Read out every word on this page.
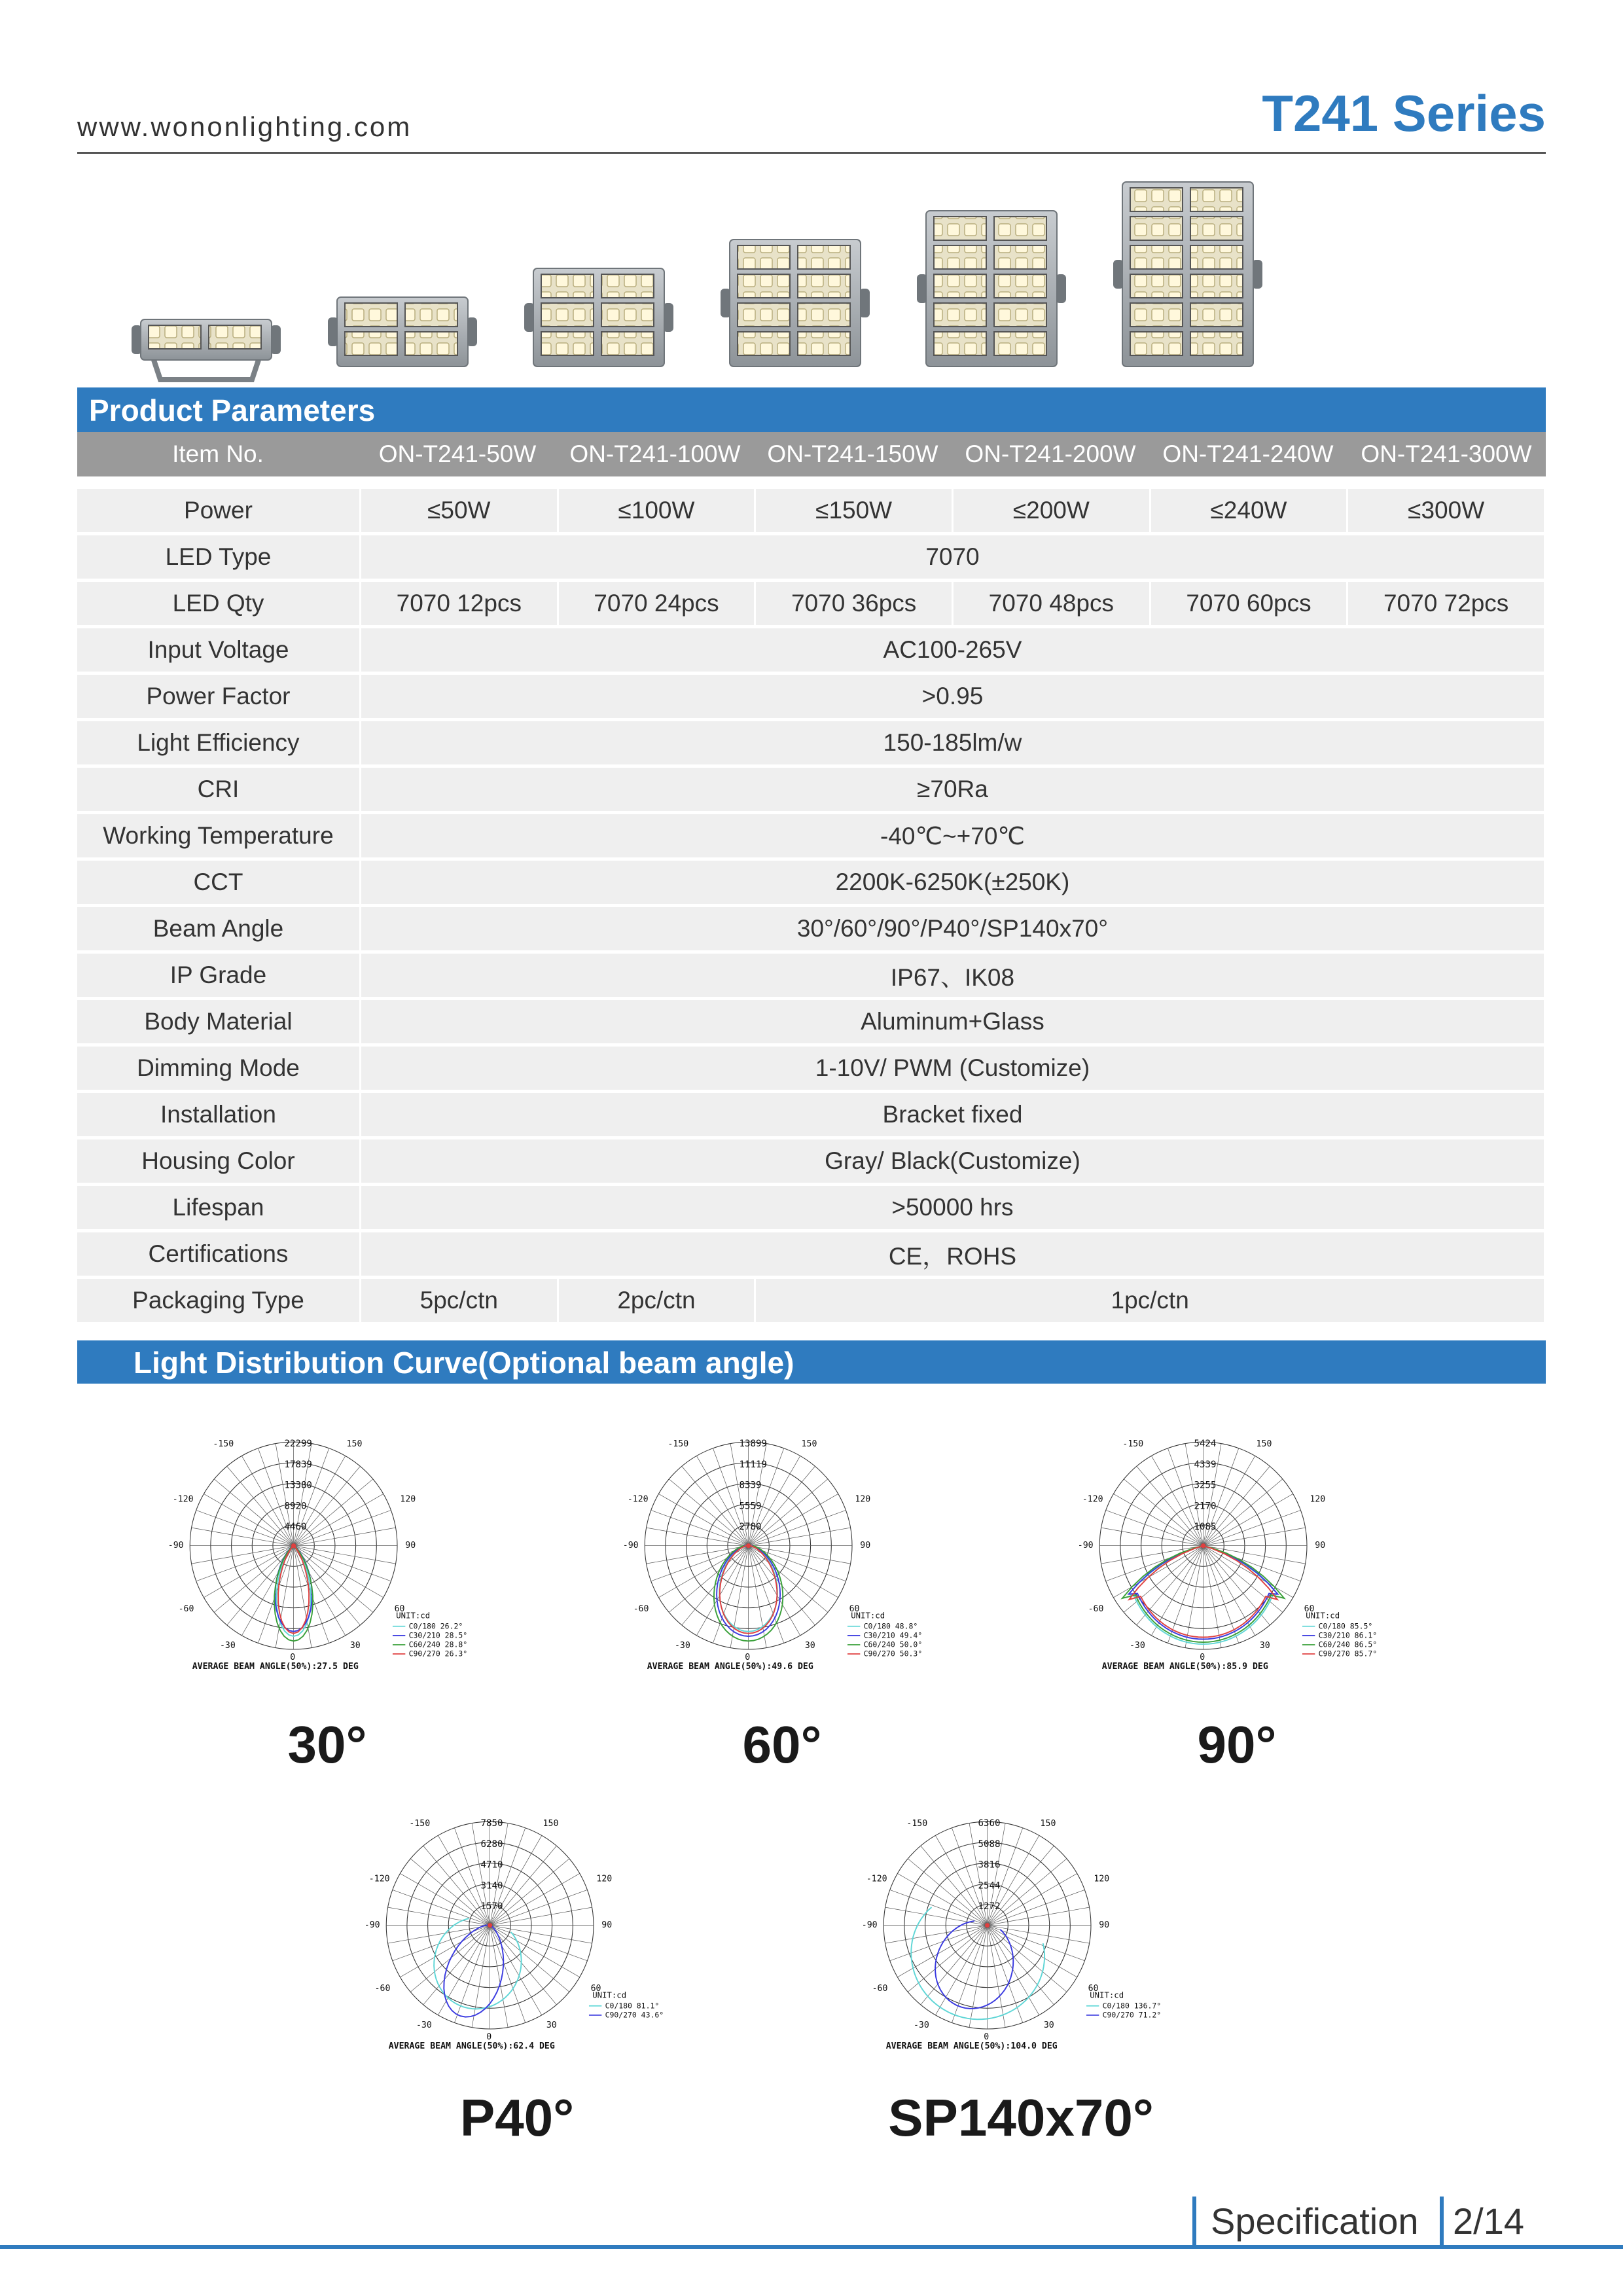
www.wononlighting.com	T241 Series
Product Parameters
Item No.	ON-T241-50W	ON-T241-100W	ON-T241-150W	ON-T241-200W	ON-T241-240W	ON-T241-300W
Power	≤50W	≤100W	≤150W	≤200W	≤240W	≤300W
LED Type	7070					
LED Qty	7070 12pcs	7070 24pcs	7070 36pcs	7070 48pcs	7070 60pcs	7070 72pcs
Input Voltage	AC100-265V					
Power Factor	>0.95					
Light Efficiency	150-185lm/w					
CRI	≥70Ra					
Working Temperature	-40℃~+70℃					
CCT	2200K-6250K(±250K)					
Beam Angle	30°/60°/90°/P40°/SP140x70°					
IP Grade	IP67、IK08					
Body Material	Aluminum+Glass					
Dimming Mode	1-10V/ PWM (Customize)					
Installation	Bracket fixed					
Housing Color	Gray/ Black(Customize)					
Lifespan	>50000 hrs					
Certifications	CE，ROHS					
Packaging Type	5pc/ctn	2pc/ctn	1pc/ctn			
Light Distribution Curve(Optional beam angle)
22299
17839
13380
8920
4460
-150	150
-120	120
-90	90
-60	60
-30	30
0
UNIT:cd
C0/180 26.2°
C30/210 28.5°
C60/240 28.8°
C90/270 26.3°
AVERAGE BEAM ANGLE(50%):27.5 DEG
13899
11119
8339
5559
2780
-150	150
-120	120
-90	90
-60	60
-30	30
0
UNIT:cd
C0/180 48.8°
C30/210 49.4°
C60/240 50.0°
C90/270 50.3°
AVERAGE BEAM ANGLE(50%):49.6 DEG
5424
4339
3255
2170
1085
-150	150
-120	120
-90	90
-60	60
-30	30
0
UNIT:cd
C0/180 85.5°
C30/210 86.1°
C60/240 86.5°
C90/270 85.7°
AVERAGE BEAM ANGLE(50%):85.9 DEG
7850
6280
4710
3140
1570
-150	150
-120	120
-90	90
-60	60
-30	30
0
UNIT:cd
C0/180 81.1°
C90/270 43.6°
AVERAGE BEAM ANGLE(50%):62.4 DEG
6360
5088
3816
2544
1272
-150	150
-120	120
-90	90
-60	60
-30	30
0
UNIT:cd
C0/180 136.7°
C90/270 71.2°
AVERAGE BEAM ANGLE(50%):104.0 DEG
30°	60°	90°
P40°	SP140x70°
Specification 2/14
